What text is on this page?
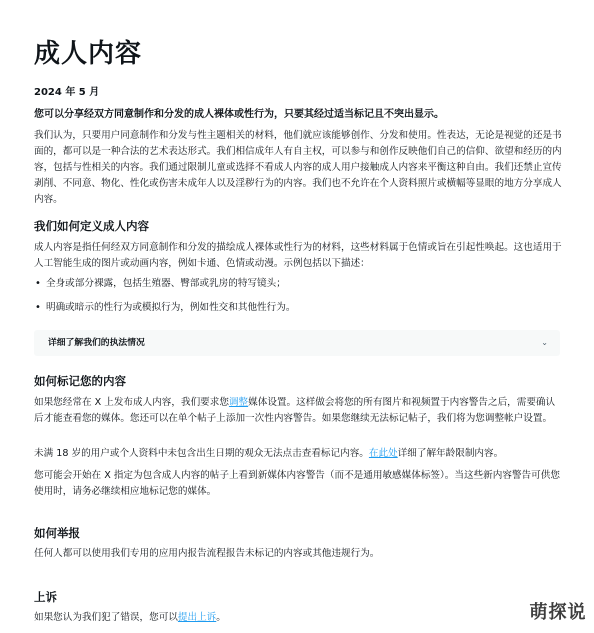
成人内容

2024 年 5 月

您可以分享经双方同意制作和分发的成人裸体或性行为，只要其经过适当标记且不突出显示。

我们认为，只要用户同意制作和分发与性主题相关的材料，他们就应该能够创作、分发和使用。性表达，无论是视觉的还是书面的，都可以是一种合法的艺术表达形式。我们相信成年人有自主权，可以参与和创作反映他们自己的信仰、欲望和经历的内容，包括与性相关的内容。我们通过限制儿童或选择不看成人内容的成人用户接触成人内容来平衡这种自由。我们还禁止宣传剥削、不同意、物化、性化或伤害未成年人以及淫秽行为的内容。我们也不允许在个人资料照片或横幅等显眼的地方分享成人内容。

我们如何定义成人内容

成人内容是指任何经双方同意制作和分发的描绘成人裸体或性行为的材料，这些材料属于色情或旨在引起性唤起。这也适用于人工智能生成的图片或动画内容，例如卡通、色情或动漫。示例包括以下描述：

• 全身或部分裸露，包括生殖器、臀部或乳房的特写镜头；
• 明确或暗示的性行为或模拟行为，例如性交和其他性行为。
详细了解我们的执法情况	⌄
如何标记您的内容

如果您经常在 X 上发布成人内容，我们要求您调整媒体设置。这样做会将您的所有图片和视频置于内容警告之后，需要确认后才能查看您的媒体。您还可以在单个帖子上添加一次性内容警告。如果您继续无法标记帖子，我们将为您调整帐户设置。

未满 18 岁的用户或个人资料中未包含出生日期的观众无法点击查看标记内容。在此处详细了解年龄限制内容。

您可能会开始在 X 指定为包含成人内容的帖子上看到新媒体内容警告（而不是通用敏感媒体标签）。当这些新内容警告可供您使用时，请务必继续相应地标记您的媒体。

如何举报

任何人都可以使用我们专用的应用内报告流程报告未标记的内容或其他违规行为。

上诉

如果您认为我们犯了错误，您可以提出上诉。	萌探说
